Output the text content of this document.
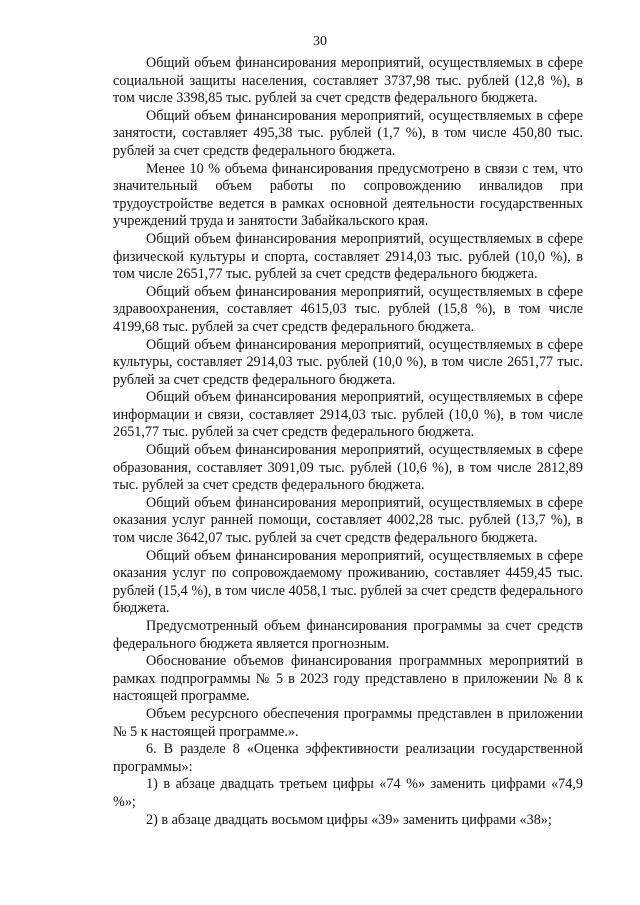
30

Общий объем финансирования мероприятий, осуществляемых в сфере социальной защиты населения, составляет 3737,98 тыс. рублей (12,8 %), в том числе 3398,85 тыс. рублей за счет средств федерального бюджета.

Общий объем финансирования мероприятий, осуществляемых в сфере занятости, составляет 495,38 тыс. рублей (1,7 %), в том числе 450,80 тыс. рублей за счет средств федерального бюджета.

Менее 10 % объема финансирования предусмотрено в связи с тем, что значительный объем работы по сопровождению инвалидов при трудоустройстве ведется в рамках основной деятельности государственных учреждений труда и занятости Забайкальского края.

Общий объем финансирования мероприятий, осуществляемых в сфере физической культуры и спорта, составляет 2914,03 тыс. рублей (10,0 %), в том числе 2651,77 тыс. рублей за счет средств федерального бюджета.

Общий объем финансирования мероприятий, осуществляемых в сфере здравоохранения, составляет 4615,03 тыс. рублей (15,8 %), в том числе 4199,68 тыс. рублей за счет средств федерального бюджета.

Общий объем финансирования мероприятий, осуществляемых в сфере культуры, составляет 2914,03 тыс. рублей (10,0 %), в том числе 2651,77 тыс. рублей за счет средств федерального бюджета.

Общий объем финансирования мероприятий, осуществляемых в сфере информации и связи, составляет 2914,03 тыс. рублей (10,0 %), в том числе 2651,77 тыс. рублей за счет средств федерального бюджета.

Общий объем финансирования мероприятий, осуществляемых в сфере образования, составляет 3091,09 тыс. рублей (10,6 %), в том числе 2812,89 тыс. рублей за счет средств федерального бюджета.

Общий объем финансирования мероприятий, осуществляемых в сфере оказания услуг ранней помощи, составляет 4002,28 тыс. рублей (13,7 %), в том числе 3642,07 тыс. рублей за счет средств федерального бюджета.

Общий объем финансирования мероприятий, осуществляемых в сфере оказания услуг по сопровождаемому проживанию, составляет 4459,45 тыс. рублей (15,4 %), в том числе 4058,1 тыс. рублей за счет средств федерального бюджета.

Предусмотренный объем финансирования программы за счет средств федерального бюджета является прогнозным.

Обоснование объемов финансирования программных мероприятий в рамках подпрограммы № 5 в 2023 году представлено в приложении № 8 к настоящей программе.

Объем ресурсного обеспечения программы представлен в приложении № 5 к настоящей программе.».

6. В разделе 8 «Оценка эффективности реализации государственной программы»:

1) в абзаце двадцать третьем цифры «74 %» заменить цифрами «74,9 %»;

2) в абзаце двадцать восьмом цифры «39» заменить цифрами «38»;
